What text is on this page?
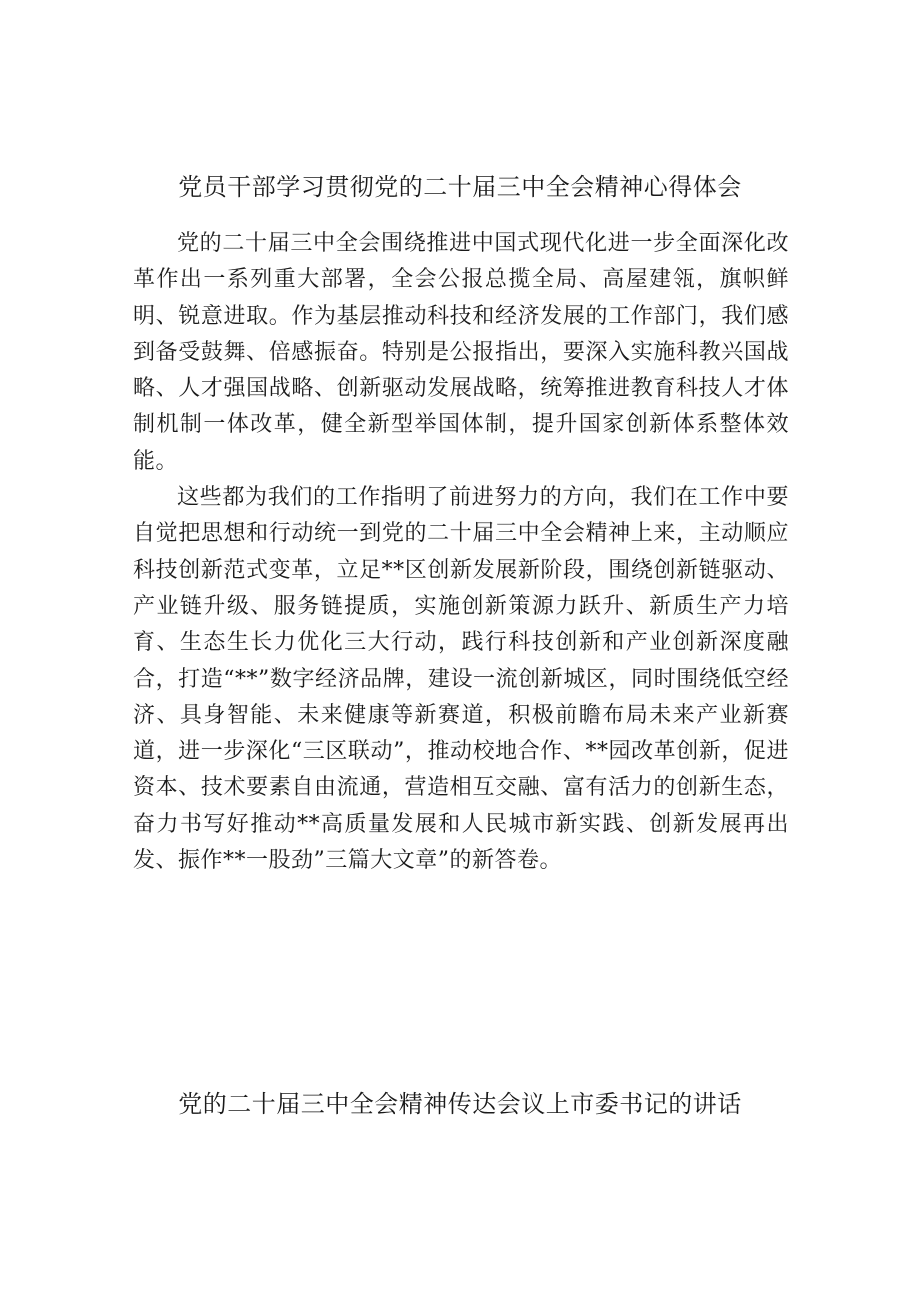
党员干部学习贯彻党的二十届三中全会精神心得体会

党的二十届三中全会围绕推进中国式现代化进一步全面深化改革作出一系列重大部署，全会公报总揽全局、高屋建瓴，旗帜鲜明、锐意进取。作为基层推动科技和经济发展的工作部门，我们感到备受鼓舞、倍感振奋。特别是公报指出，要深入实施科教兴国战略、人才强国战略、创新驱动发展战略，统筹推进教育科技人才体制机制一体改革，健全新型举国体制，提升国家创新体系整体效能。

这些都为我们的工作指明了前进努力的方向，我们在工作中要自觉把思想和行动统一到党的二十届三中全会精神上来，主动顺应科技创新范式变革，立足**区创新发展新阶段，围绕创新链驱动、产业链升级、服务链提质，实施创新策源力跃升、新质生产力培育、生态生长力优化三大行动，践行科技创新和产业创新深度融合，打造“**”数字经济品牌，建设一流创新城区，同时围绕低空经济、具身智能、未来健康等新赛道，积极前瞻布局未来产业新赛道，进一步深化“三区联动”，推动校地合作、**园改革创新，促进资本、技术要素自由流通，营造相互交融、富有活力的创新生态，奋力书写好推动**高质量发展和人民城市新实践、创新发展再出发、振作**一股劲”三篇大文章”的新答卷。

党的二十届三中全会精神传达会议上市委书记的讲话
